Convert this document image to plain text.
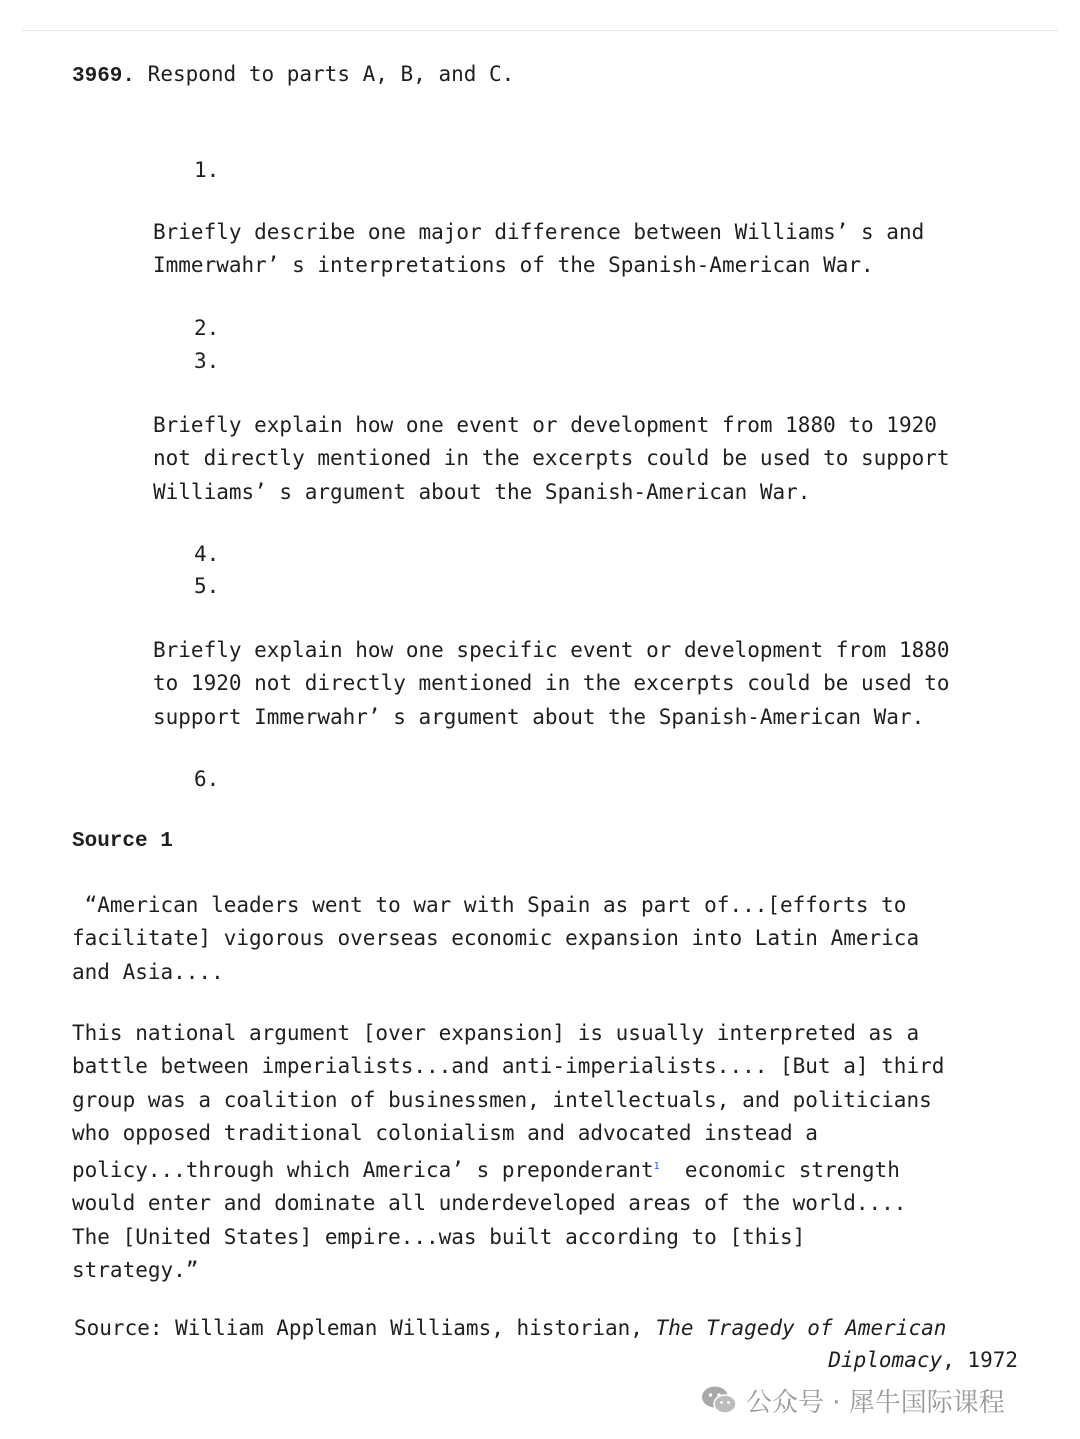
3969. Respond to parts A, B, and C.
1.
Briefly describe one major difference between Williams’ s and
Immerwahr’ s interpretations of the Spanish-American War.
2.
3.
Briefly explain how one event or development from 1880 to 1920
not directly mentioned in the excerpts could be used to support
Williams’ s argument about the Spanish-American War.
4.
5.
Briefly explain how one specific event or development from 1880
to 1920 not directly mentioned in the excerpts could be used to
support Immerwahr’ s argument about the Spanish-American War.
6.
Source 1
“American leaders went to war with Spain as part of...[efforts to
facilitate] vigorous overseas economic expansion into Latin America
and Asia....
This national argument [over expansion] is usually interpreted as a
battle between imperialists...and anti-imperialists.... [But a] third
group was a coalition of businessmen, intellectuals, and politicians
who opposed traditional colonialism and advocated instead a
policy...through which America’ s preponderant$^1$  economic strength
would enter and dominate all underdeveloped areas of the world....
The [United States] empire...was built according to [this]
strategy.”
Source: William Appleman Williams, historian, The Tragedy of American
Diplomacy, 1972
公众号 · 犀牛国际课程
